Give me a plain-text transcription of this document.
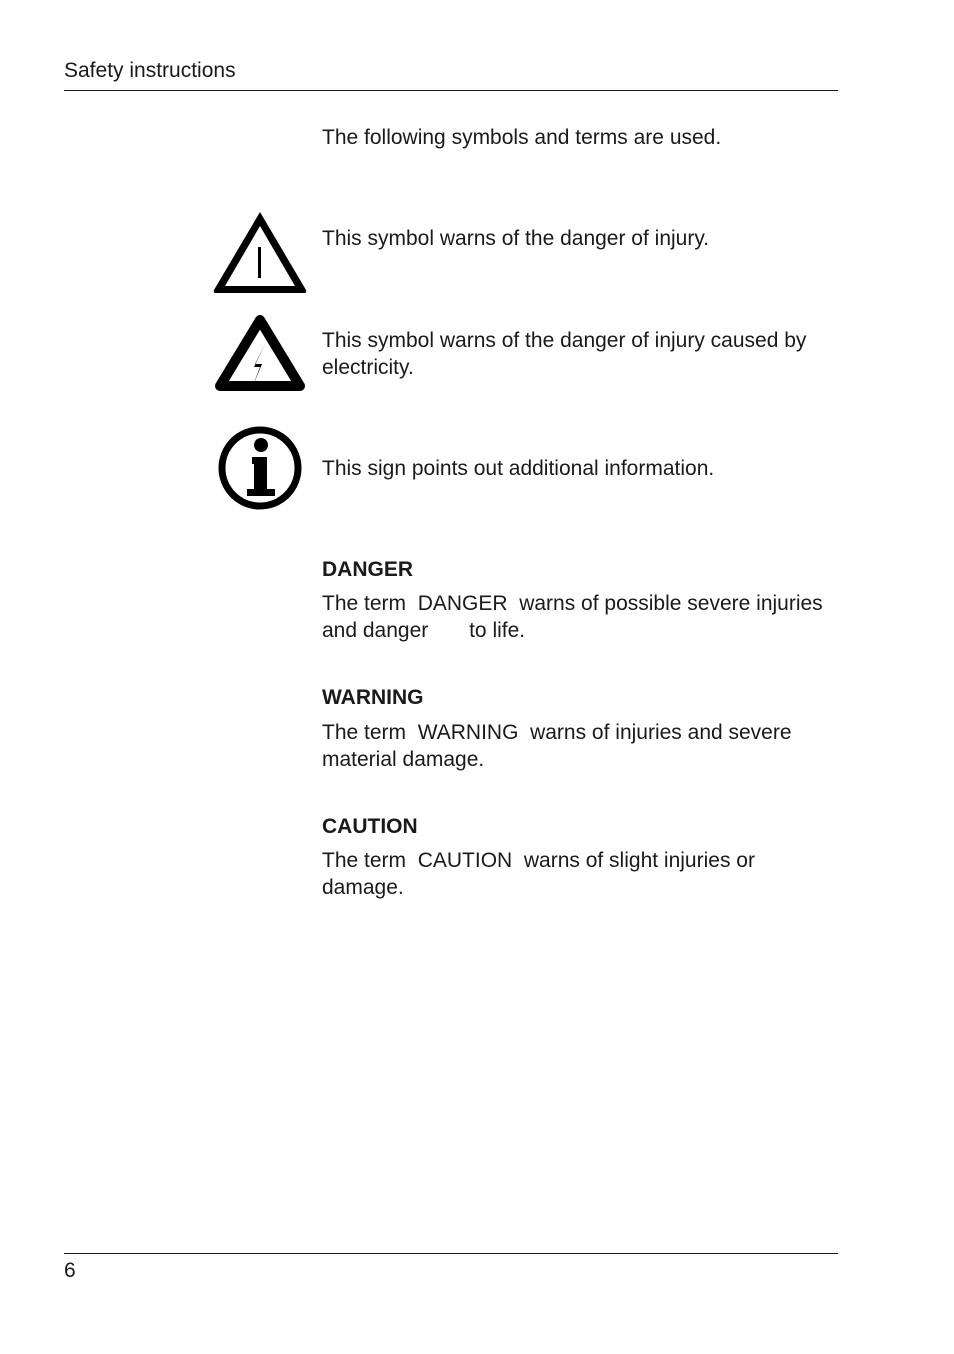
Safety instructions
The following symbols and terms are used.
This symbol warns of the danger of injury.
This symbol warns of the danger of injury caused by electricity.
This sign points out additional information.
DANGER
The term  DANGER  warns of possible severe injuries and danger       to life.
WARNING
The term  WARNING  warns of injuries and severe material damage.
CAUTION
The term  CAUTION  warns of slight injuries or damage.
6
